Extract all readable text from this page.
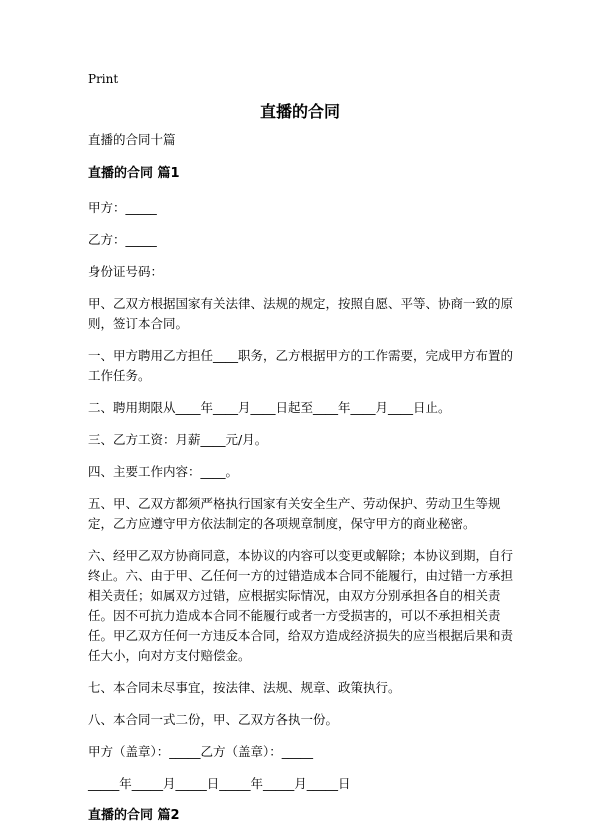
Print
直播的合同

直播的合同十篇

直播的合同 篇1

甲方：_____

乙方：_____

身份证号码：

甲、乙双方根据国家有关法律、法规的规定，按照自愿、平等、协商一致的原则，签订本合同。

一、甲方聘用乙方担任____职务，乙方根据甲方的工作需要，完成甲方布置的工作任务。

二、聘用期限从____年____月____日起至____年____月____日止。

三、乙方工资：月薪____元/月。

四、主要工作内容：____。

五、甲、乙双方都须严格执行国家有关安全生产、劳动保护、劳动卫生等规定，乙方应遵守甲方依法制定的各项规章制度，保守甲方的商业秘密。

六、经甲乙双方协商同意，本协议的内容可以变更或解除；本协议到期，自行终止。六、由于甲、乙任何一方的过错造成本合同不能履行，由过错一方承担相关责任；如属双方过错，应根据实际情况，由双方分别承担各自的相关责任。因不可抗力造成本合同不能履行或者一方受损害的，可以不承担相关责任。甲乙双方任何一方违反本合同，给双方造成经济损失的应当根据后果和责任大小，向对方支付赔偿金。

七、本合同未尽事宜，按法律、法规、规章、政策执行。

八、本合同一式二份，甲、乙双方各执一份。

甲方（盖章）：_____乙方（盖章）：_____

_____年_____月_____日_____年_____月_____日

直播的合同 篇2
